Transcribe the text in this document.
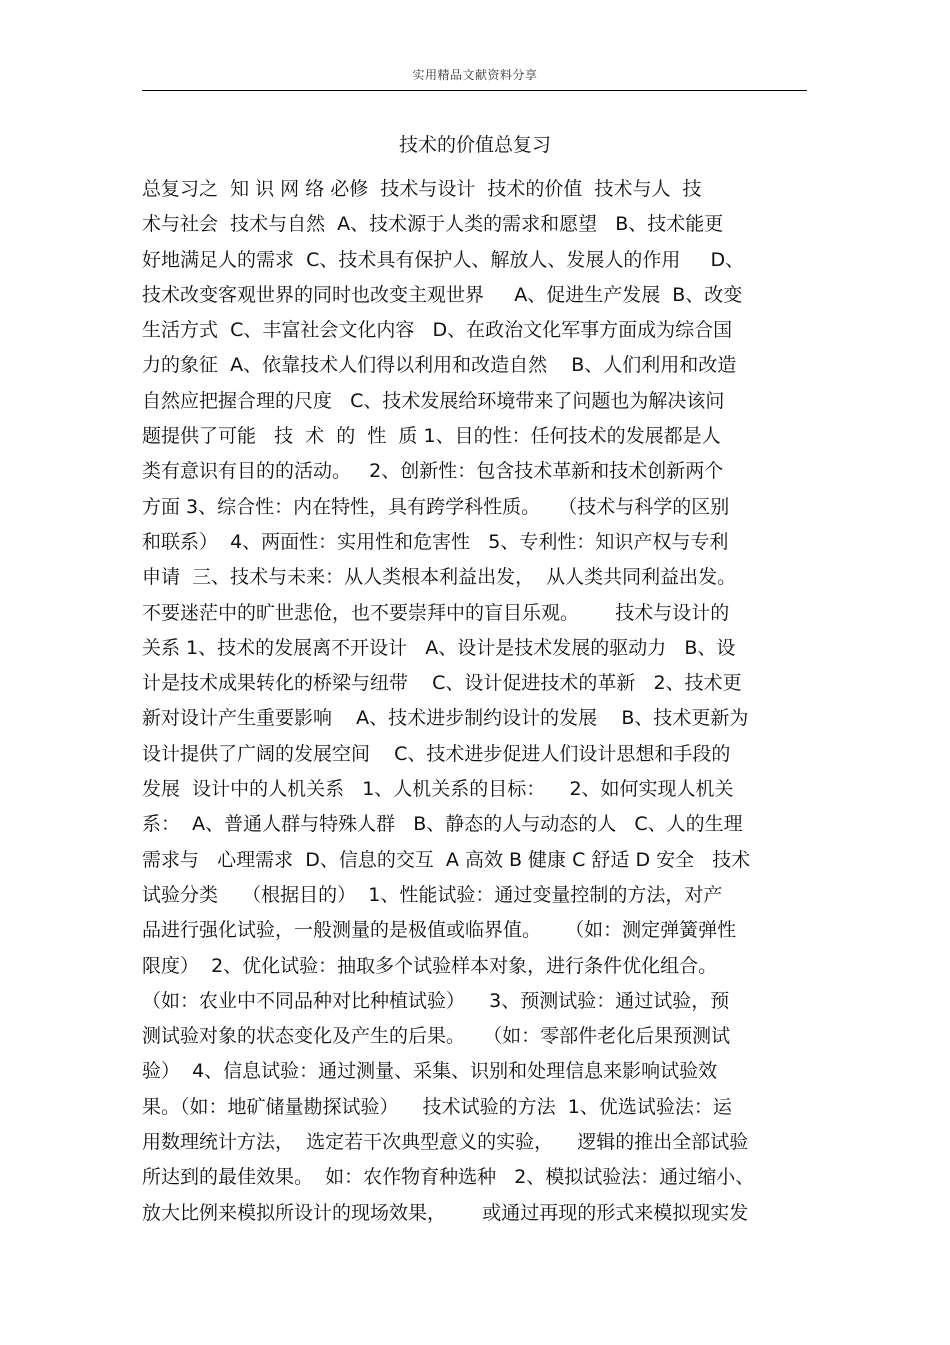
实用精品文献资料分享
技术的价值总复习
总复习之  知 识 网 络 必修  技术与设计  技术的价值  技术与人  技
术与社会  技术与自然  A、技术源于人类的需求和愿望   B、技术能更
好地满足人的需求  C、技术具有保护人、解放人、发展人的作用     D、
技术改变客观世界的同时也改变主观世界     A、促进生产发展  B、改变
生活方式  C、丰富社会文化内容   D、在政治文化军事方面成为综合国
力的象征  A、依靠技术人们得以利用和改造自然    B、人们利用和改造
自然应把握合理的尺度   C、技术发展给环境带来了问题也为解决该问
题提供了可能   技  术  的  性  质 1、目的性：任何技术的发展都是人
类有意识有目的的活动。   2、创新性：包含技术革新和技术创新两个
方面 3、综合性：内在特性，具有跨学科性质。   （技术与科学的区别
和联系）  4、两面性：实用性和危害性   5、专利性：知识产权与专利
申请  三、技术与未来：从人类根本利益出发，  从人类共同利益出发。
不要迷茫中的旷世悲伧，也不要崇拜中的盲目乐观。      技术与设计的
关系 1、技术的发展离不开设计   A、设计是技术发展的驱动力   B、设
计是技术成果转化的桥梁与纽带    C、设计促进技术的革新   2、技术更
新对设计产生重要影响    A、技术进步制约设计的发展    B、技术更新为
设计提供了广阔的发展空间    C、技术进步促进人们设计思想和手段的
发展  设计中的人机关系   1、人机关系的目标：    2、如何实现人机关
系：  A、普通人群与特殊人群   B、静态的人与动态的人   C、人的生理
需求与   心理需求  D、信息的交互  A 高效 B 健康 C 舒适 D 安全   技术
试验分类    （根据目的）  1、性能试验：通过变量控制的方法，对产
品进行强化试验，一般测量的是极值或临界值。    （如：测定弹簧弹性
限度）  2、优化试验：抽取多个试验样本对象，进行条件优化组合。
（如：农业中不同品种对比种植试验）    3、预测试验：通过试验，预
测试验对象的状态变化及产生的后果。   （如：零部件老化后果预测试
验）  4、信息试验：通过测量、采集、识别和处理信息来影响试验效
果。（如：地矿储量勘探试验）    技术试验的方法  1、优选试验法：运
用数理统计方法，  选定若干次典型意义的实验，    逻辑的推出全部试验
所达到的最佳效果。  如：农作物育种选种   2、模拟试验法：通过缩小、
放大比例来模拟所设计的现场效果，      或通过再现的形式来模拟现实发
